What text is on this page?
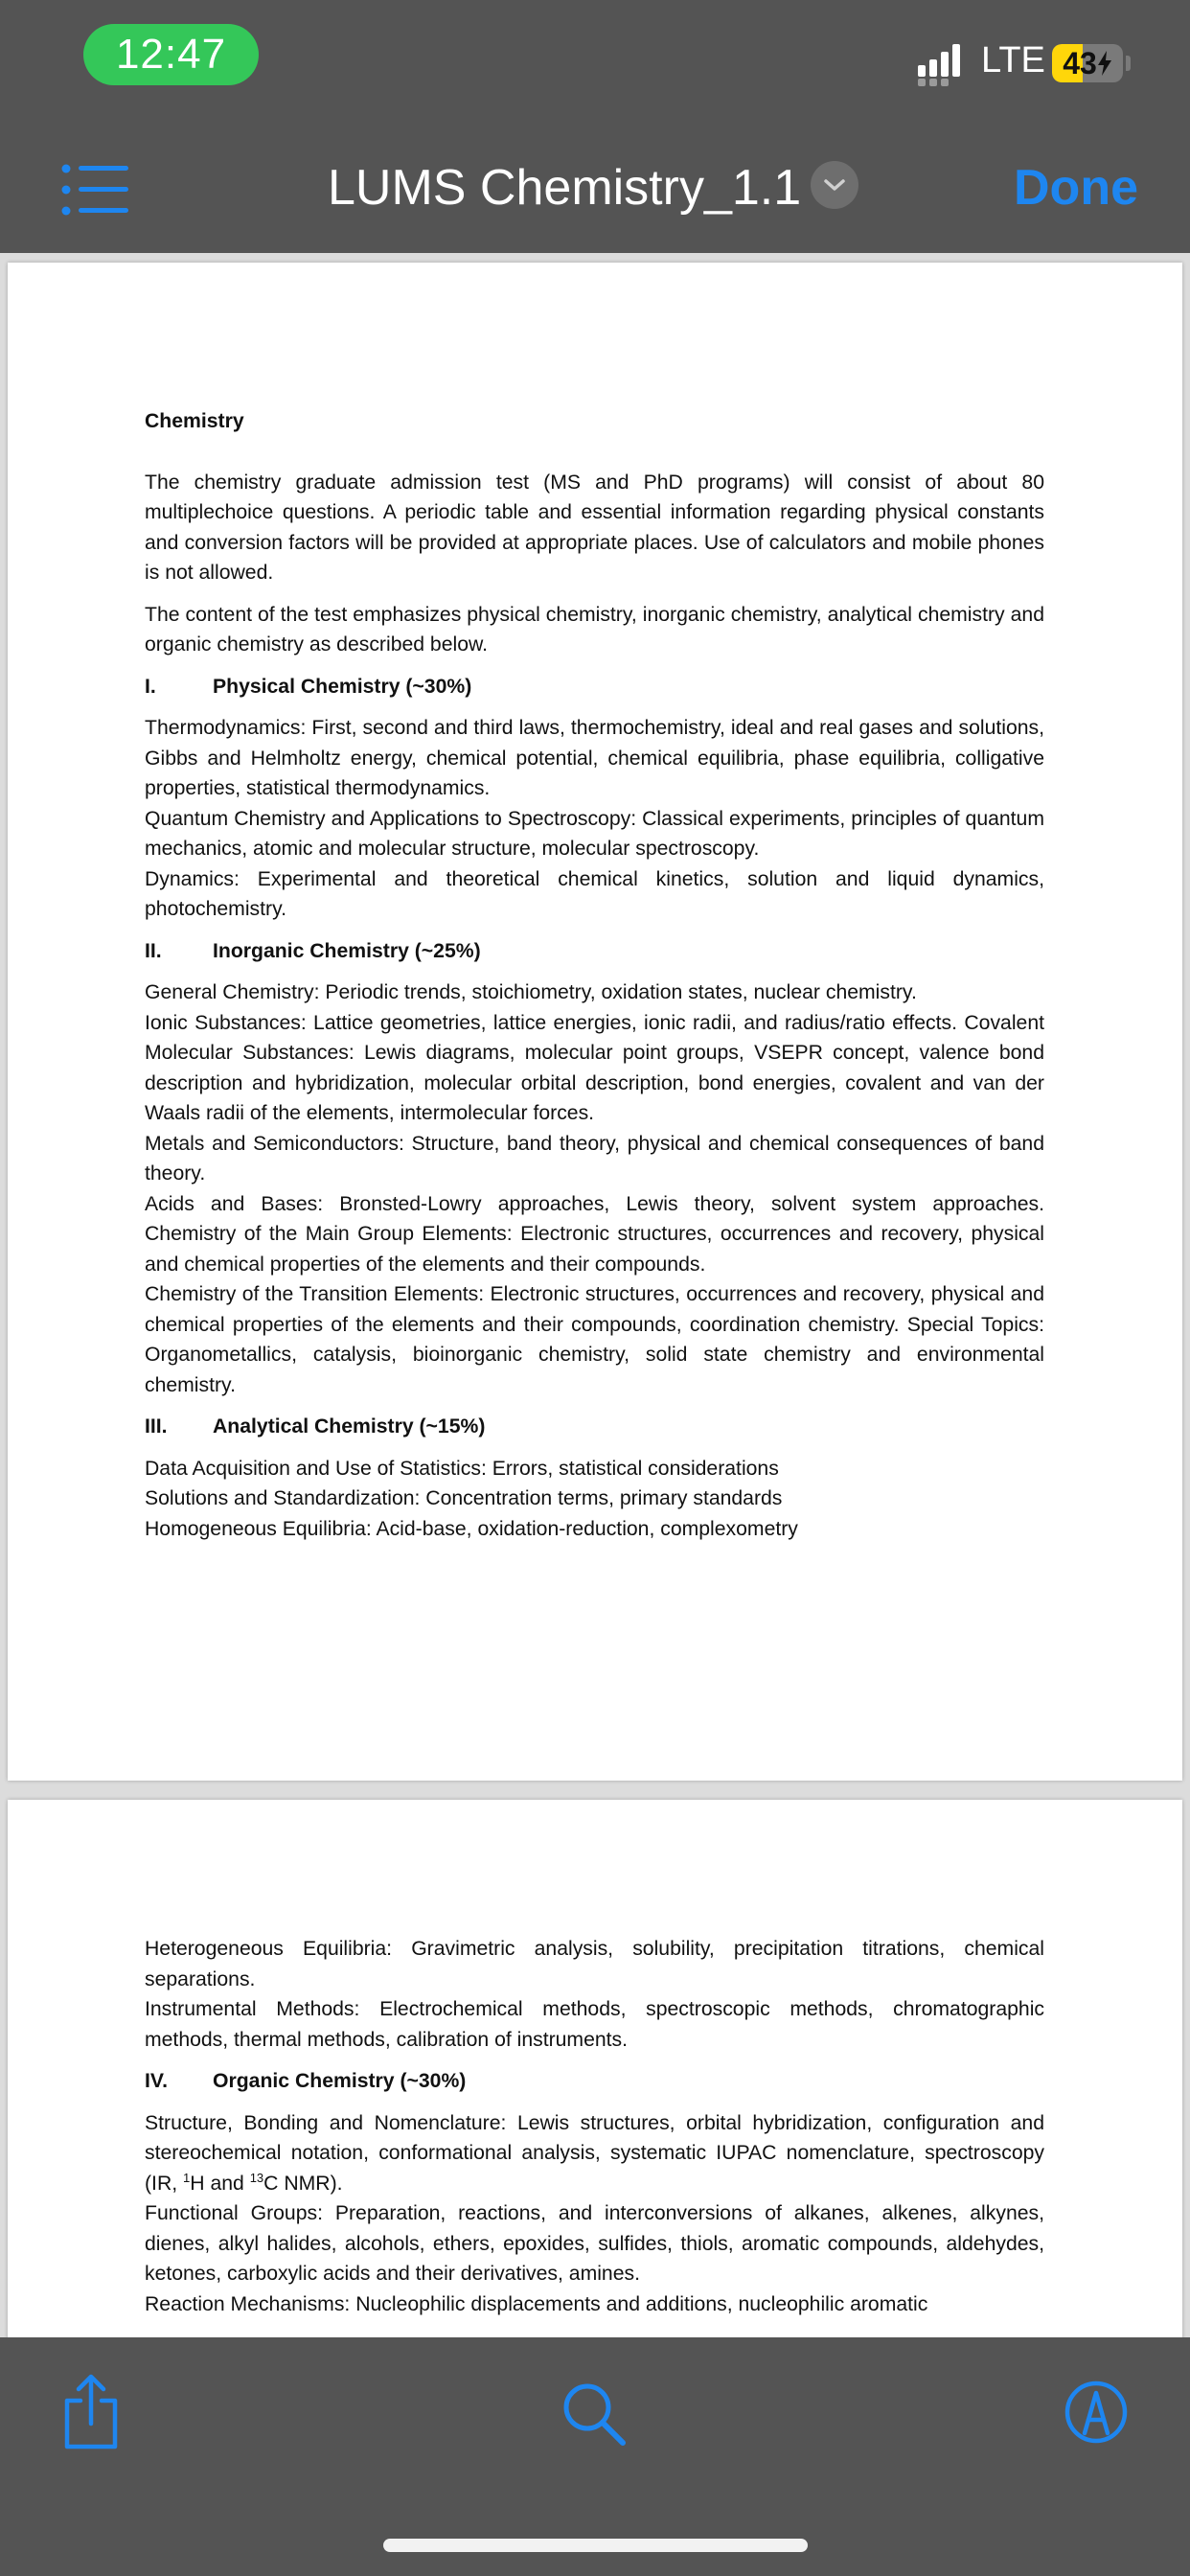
12:47	LTE 43
LUMS Chemistry_1.1	Done

Chemistry

The chemistry graduate admission test (MS and PhD programs) will consist of about 80 multiplechoice questions. A periodic table and essential information regarding physical constants and conversion factors will be provided at appropriate places. Use of calculators and mobile phones is not allowed.

The content of the test emphasizes physical chemistry, inorganic chemistry, analytical chemistry and organic chemistry as described below.

I.	Physical Chemistry (~30%)

Thermodynamics: First, second and third laws, thermochemistry, ideal and real gases and solutions, Gibbs and Helmholtz energy, chemical potential, chemical equilibria, phase equilibria, colligative properties, statistical thermodynamics.

Quantum Chemistry and Applications to Spectroscopy: Classical experiments, principles of quantum mechanics, atomic and molecular structure, molecular spectroscopy.

Dynamics: Experimental and theoretical chemical kinetics, solution and liquid dynamics, photochemistry.

II.	Inorganic Chemistry (~25%)

General Chemistry: Periodic trends, stoichiometry, oxidation states, nuclear chemistry.

Ionic Substances: Lattice geometries, lattice energies, ionic radii, and radius/ratio effects. Covalent Molecular Substances: Lewis diagrams, molecular point groups, VSEPR concept, valence bond description and hybridization, molecular orbital description, bond energies, covalent and van der Waals radii of the elements, intermolecular forces.

Metals and Semiconductors: Structure, band theory, physical and chemical consequences of band theory.

Acids and Bases: Bronsted-Lowry approaches, Lewis theory, solvent system approaches. Chemistry of the Main Group Elements: Electronic structures, occurrences and recovery, physical and chemical properties of the elements and their compounds.

Chemistry of the Transition Elements: Electronic structures, occurrences and recovery, physical and chemical properties of the elements and their compounds, coordination chemistry. Special Topics: Organometallics, catalysis, bioinorganic chemistry, solid state chemistry and environmental chemistry.

III.	Analytical Chemistry (~15%)

Data Acquisition and Use of Statistics: Errors, statistical considerations

Solutions and Standardization: Concentration terms, primary standards

Homogeneous Equilibria: Acid-base, oxidation-reduction, complexometry

Heterogeneous Equilibria: Gravimetric analysis, solubility, precipitation titrations, chemical separations.

Instrumental Methods: Electrochemical methods, spectroscopic methods, chromatographic methods, thermal methods, calibration of instruments.

IV.	Organic Chemistry (~30%)

Structure, Bonding and Nomenclature: Lewis structures, orbital hybridization, configuration and stereochemical notation, conformational analysis, systematic IUPAC nomenclature, spectroscopy (IR, $^1$H and $^{13}$C NMR).

Functional Groups: Preparation, reactions, and interconversions of alkanes, alkenes, alkynes, dienes, alkyl halides, alcohols, ethers, epoxides, sulfides, thiols, aromatic compounds, aldehydes, ketones, carboxylic acids and their derivatives, amines.

Reaction Mechanisms: Nucleophilic displacements and additions, nucleophilic aromatic
